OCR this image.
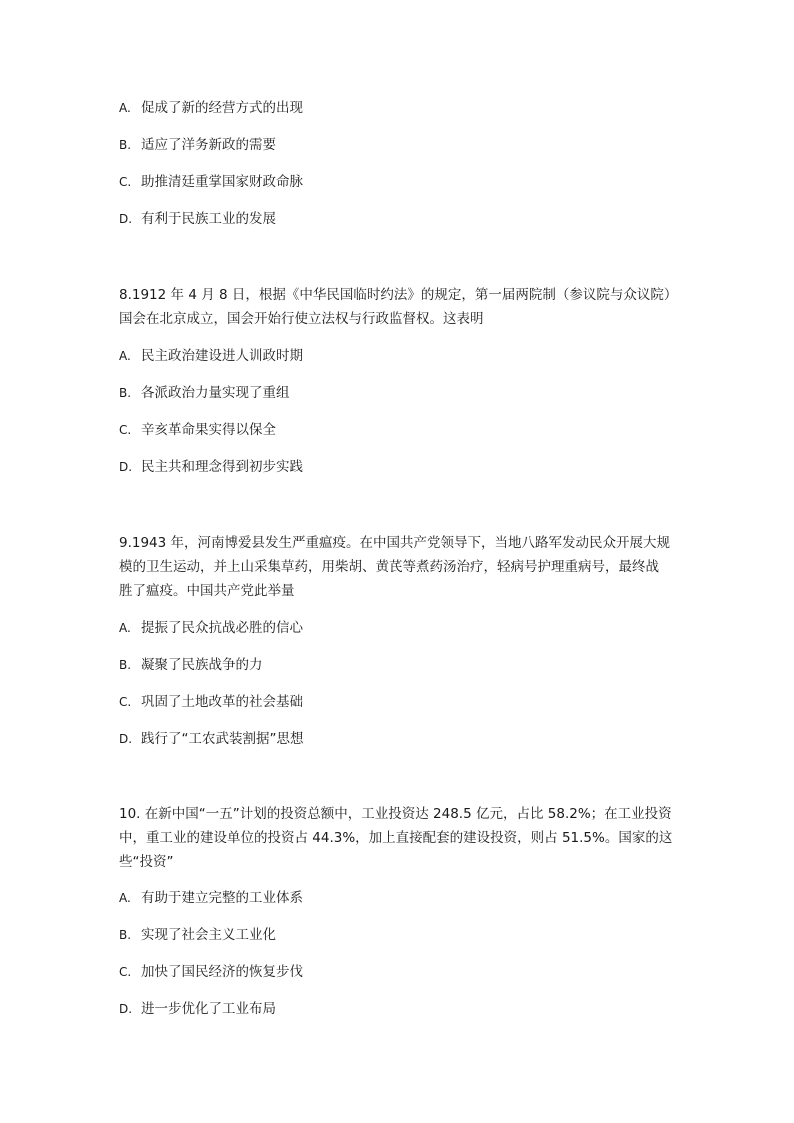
A. 促成了新的经营方式的出现
B. 适应了洋务新政的需要
C. 助推清廷重掌国家财政命脉
D. 有利于民族工业的发展

8.1912 年 4 月 8 日，根据《中华民国临时约法》的规定，第一届两院制（参议院与众议院）

国会在北京成立，国会开始行使立法权与行政监督权。这表明

A. 民主政治建设进人训政时期
B. 各派政治力量实现了重组
C. 辛亥革命果实得以保全
D. 民主共和理念得到初步实践

9.1943 年，河南博爱县发生严重瘟疫。在中国共产党领导下，当地八路军发动民众开展大规

模的卫生运动，并上山采集草药，用柴胡、黄芪等煮药汤治疗，轻病号护理重病号，最终战

胜了瘟疫。中国共产党此举量

A. 提振了民众抗战必胜的信心
B. 凝聚了民族战争的力
C. 巩固了土地改革的社会基础
D. 践行了“工农武装割据”思想

10. 在新中国“一五”计划的投资总额中，工业投资达 248.5 亿元，占比 58.2%；在工业投资

中，重工业的建设单位的投资占 44.3%，加上直接配套的建设投资，则占 51.5%。国家的这

些“投资”

A. 有助于建立完整的工业体系
B. 实现了社会主义工业化
C. 加快了国民经济的恢复步伐
D. 进一步优化了工业布局
